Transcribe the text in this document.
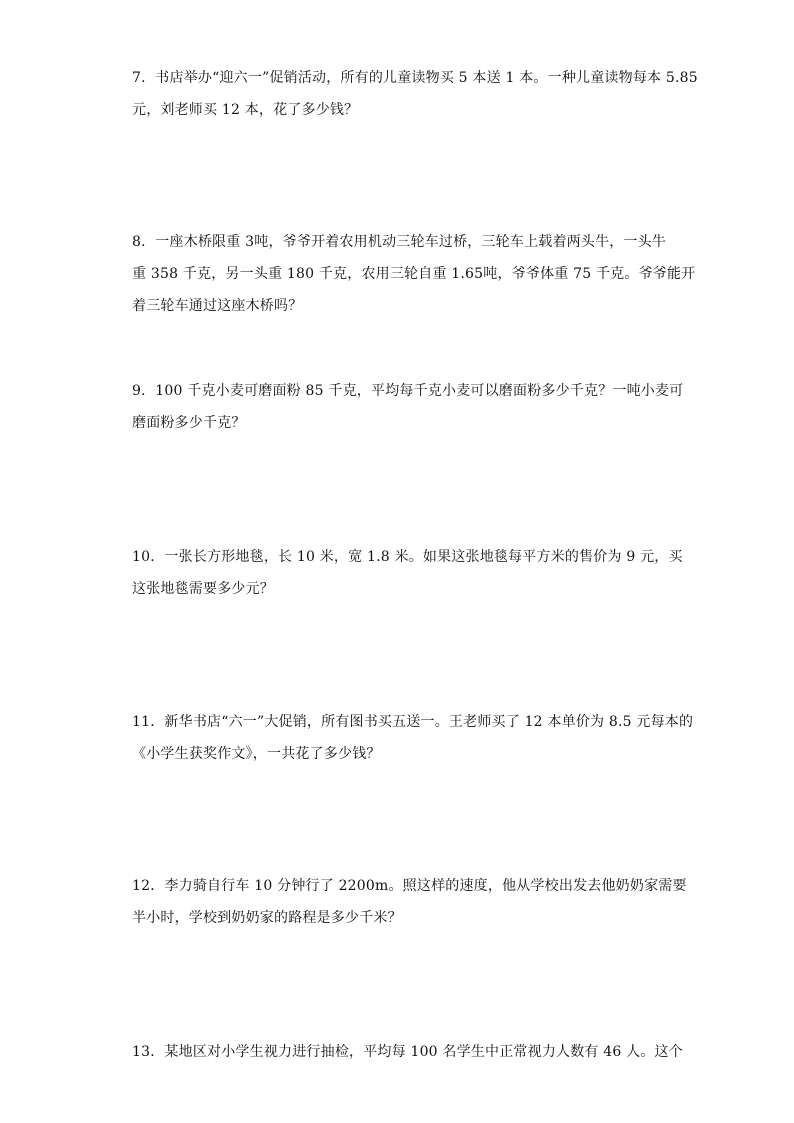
7．书店举办“迎六一”促销活动，所有的儿童读物买 5 本送 1 本。一种儿童读物每本 5.85
元，刘老师买 12 本，花了多少钱？
8．一座木桥限重 3吨，爷爷开着农用机动三轮车过桥，三轮车上载着两头牛，一头牛
重 358 千克，另一头重 180 千克，农用三轮自重 1.65吨，爷爷体重 75 千克。爷爷能开
着三轮车通过这座木桥吗？
9．100 千克小麦可磨面粉 85 千克，平均每千克小麦可以磨面粉多少千克？一吨小麦可
磨面粉多少千克？
10．一张长方形地毯，长 10 米，宽 1.8 米。如果这张地毯每平方米的售价为 9 元，买
这张地毯需要多少元？
11．新华书店“六一”大促销，所有图书买五送一。王老师买了 12 本单价为 8.5 元每本的
《小学生获奖作文》，一共花了多少钱？
12．李力骑自行车 10 分钟行了 2200m。照这样的速度，他从学校出发去他奶奶家需要
半小时，学校到奶奶家的路程是多少千米？
13．某地区对小学生视力进行抽检，平均每 100 名学生中正常视力人数有 46 人。这个
